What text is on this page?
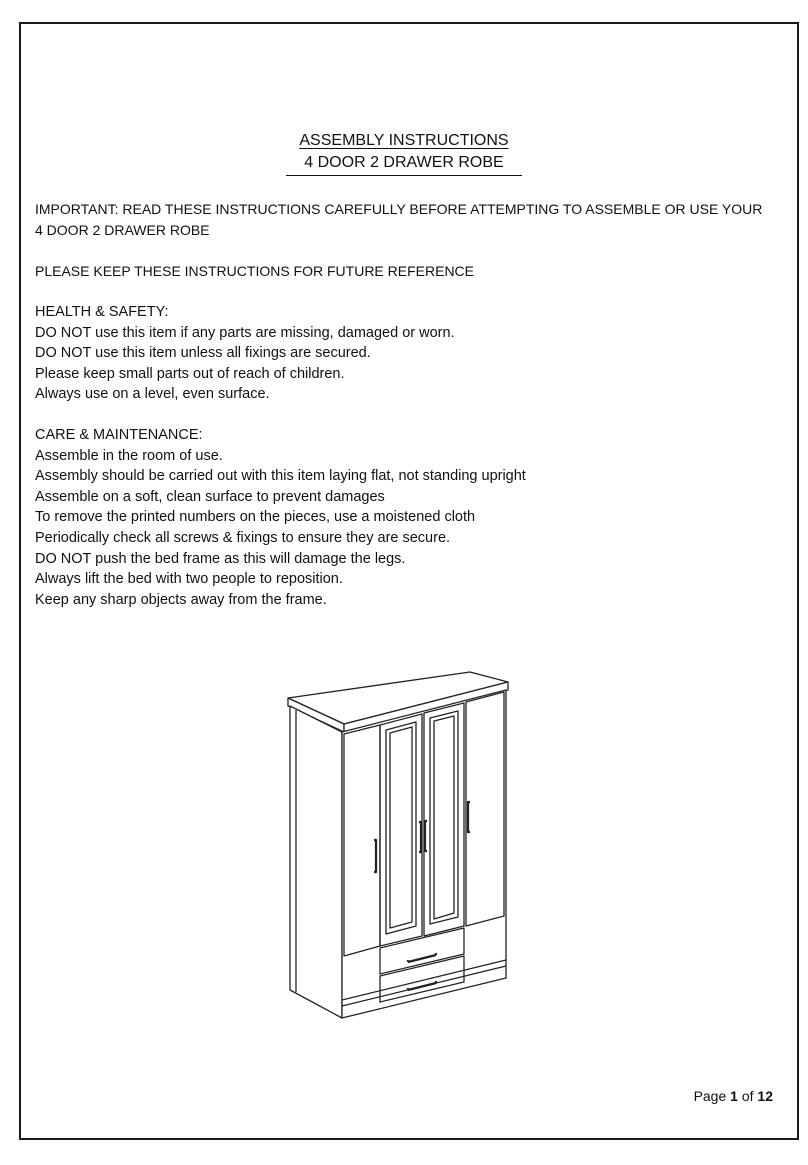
ASSEMBLY INSTRUCTIONS
4 DOOR 2 DRAWER ROBE

IMPORTANT: READ THESE INSTRUCTIONS CAREFULLY BEFORE ATTEMPTING TO ASSEMBLE OR USE YOUR 4 DOOR 2 DRAWER ROBE

PLEASE KEEP THESE INSTRUCTIONS FOR FUTURE REFERENCE

HEALTH & SAFETY:

DO NOT use this item if any parts are missing, damaged or worn.

DO NOT use this item unless all fixings are secured.

Please keep small parts out of reach of children.

Always use on a level, even surface.

CARE & MAINTENANCE:

Assemble in the room of use.

Assembly should be carried out with this item laying flat, not standing upright

Assemble on a soft, clean surface to prevent damages

To remove the printed numbers on the pieces, use a moistened cloth

Periodically check all screws & fixings to ensure they are secure.

DO NOT push the bed frame as this will damage the legs.

Always lift the bed with two people to reposition.

Keep any sharp objects away from the frame.

Page 1 of 12
